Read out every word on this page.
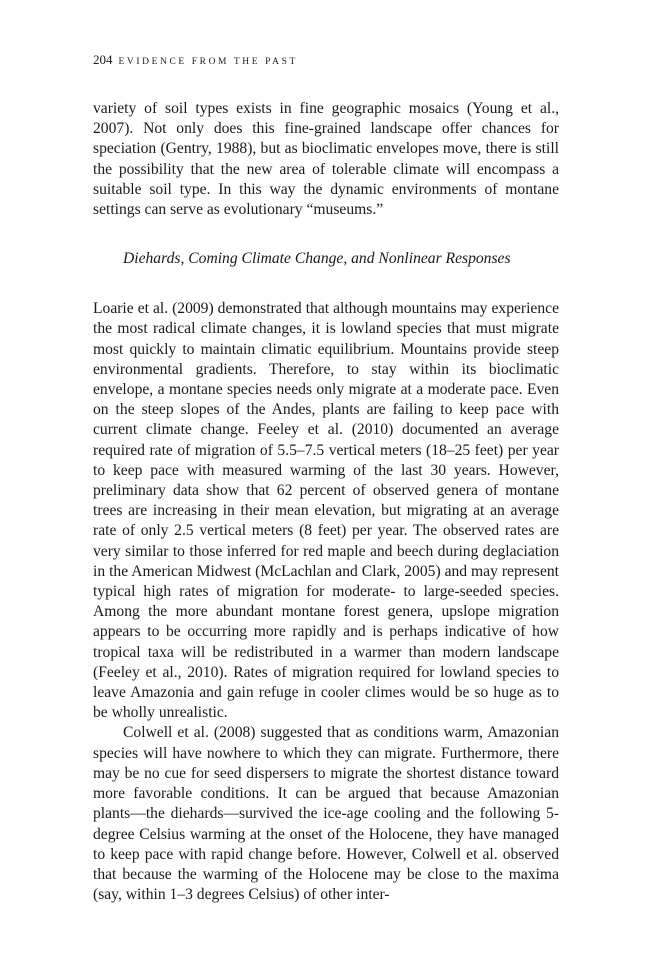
204 EVIDENCE FROM THE PAST

variety of soil types exists in fine geographic mosaics (Young et al., 2007). Not only does this fine-grained landscape offer chances for speciation (Gentry, 1988), but as bioclimatic envelopes move, there is still the possibility that the new area of tolerable climate will encompass a suitable soil type. In this way the dynamic environments of montane settings can serve as evolutionary “museums.”

Diehards, Coming Climate Change, and Nonlinear Responses

Loarie et al. (2009) demonstrated that although mountains may experience the most radical climate changes, it is lowland species that must migrate most quickly to maintain climatic equilibrium. Mountains provide steep environmental gradients. Therefore, to stay within its bioclimatic envelope, a montane species needs only migrate at a moderate pace. Even on the steep slopes of the Andes, plants are failing to keep pace with current climate change. Feeley et al. (2010) documented an average required rate of migration of 5.5–7.5 vertical meters (18–25 feet) per year to keep pace with measured warming of the last 30 years. However, preliminary data show that 62 percent of observed genera of montane trees are increasing in their mean elevation, but migrating at an average rate of only 2.5 vertical meters (8 feet) per year. The observed rates are very similar to those inferred for red maple and beech during deglaciation in the American Midwest (McLachlan and Clark, 2005) and may represent typical high rates of migration for moderate- to large-seeded species. Among the more abundant montane forest genera, upslope migration appears to be occurring more rapidly and is perhaps indicative of how tropical taxa will be redistributed in a warmer than modern landscape (Feeley et al., 2010). Rates of migration required for lowland species to leave Amazonia and gain refuge in cooler climes would be so huge as to be wholly unrealistic.

Colwell et al. (2008) suggested that as conditions warm, Amazonian species will have nowhere to which they can migrate. Furthermore, there may be no cue for seed dispersers to migrate the shortest distance toward more favorable conditions. It can be argued that because Amazonian plants—the diehards—survived the ice-age cooling and the following 5-degree Celsius warming at the onset of the Holocene, they have managed to keep pace with rapid change before. However, Colwell et al. observed that because the warming of the Holocene may be close to the maxima (say, within 1–3 degrees Celsius) of other inter-
